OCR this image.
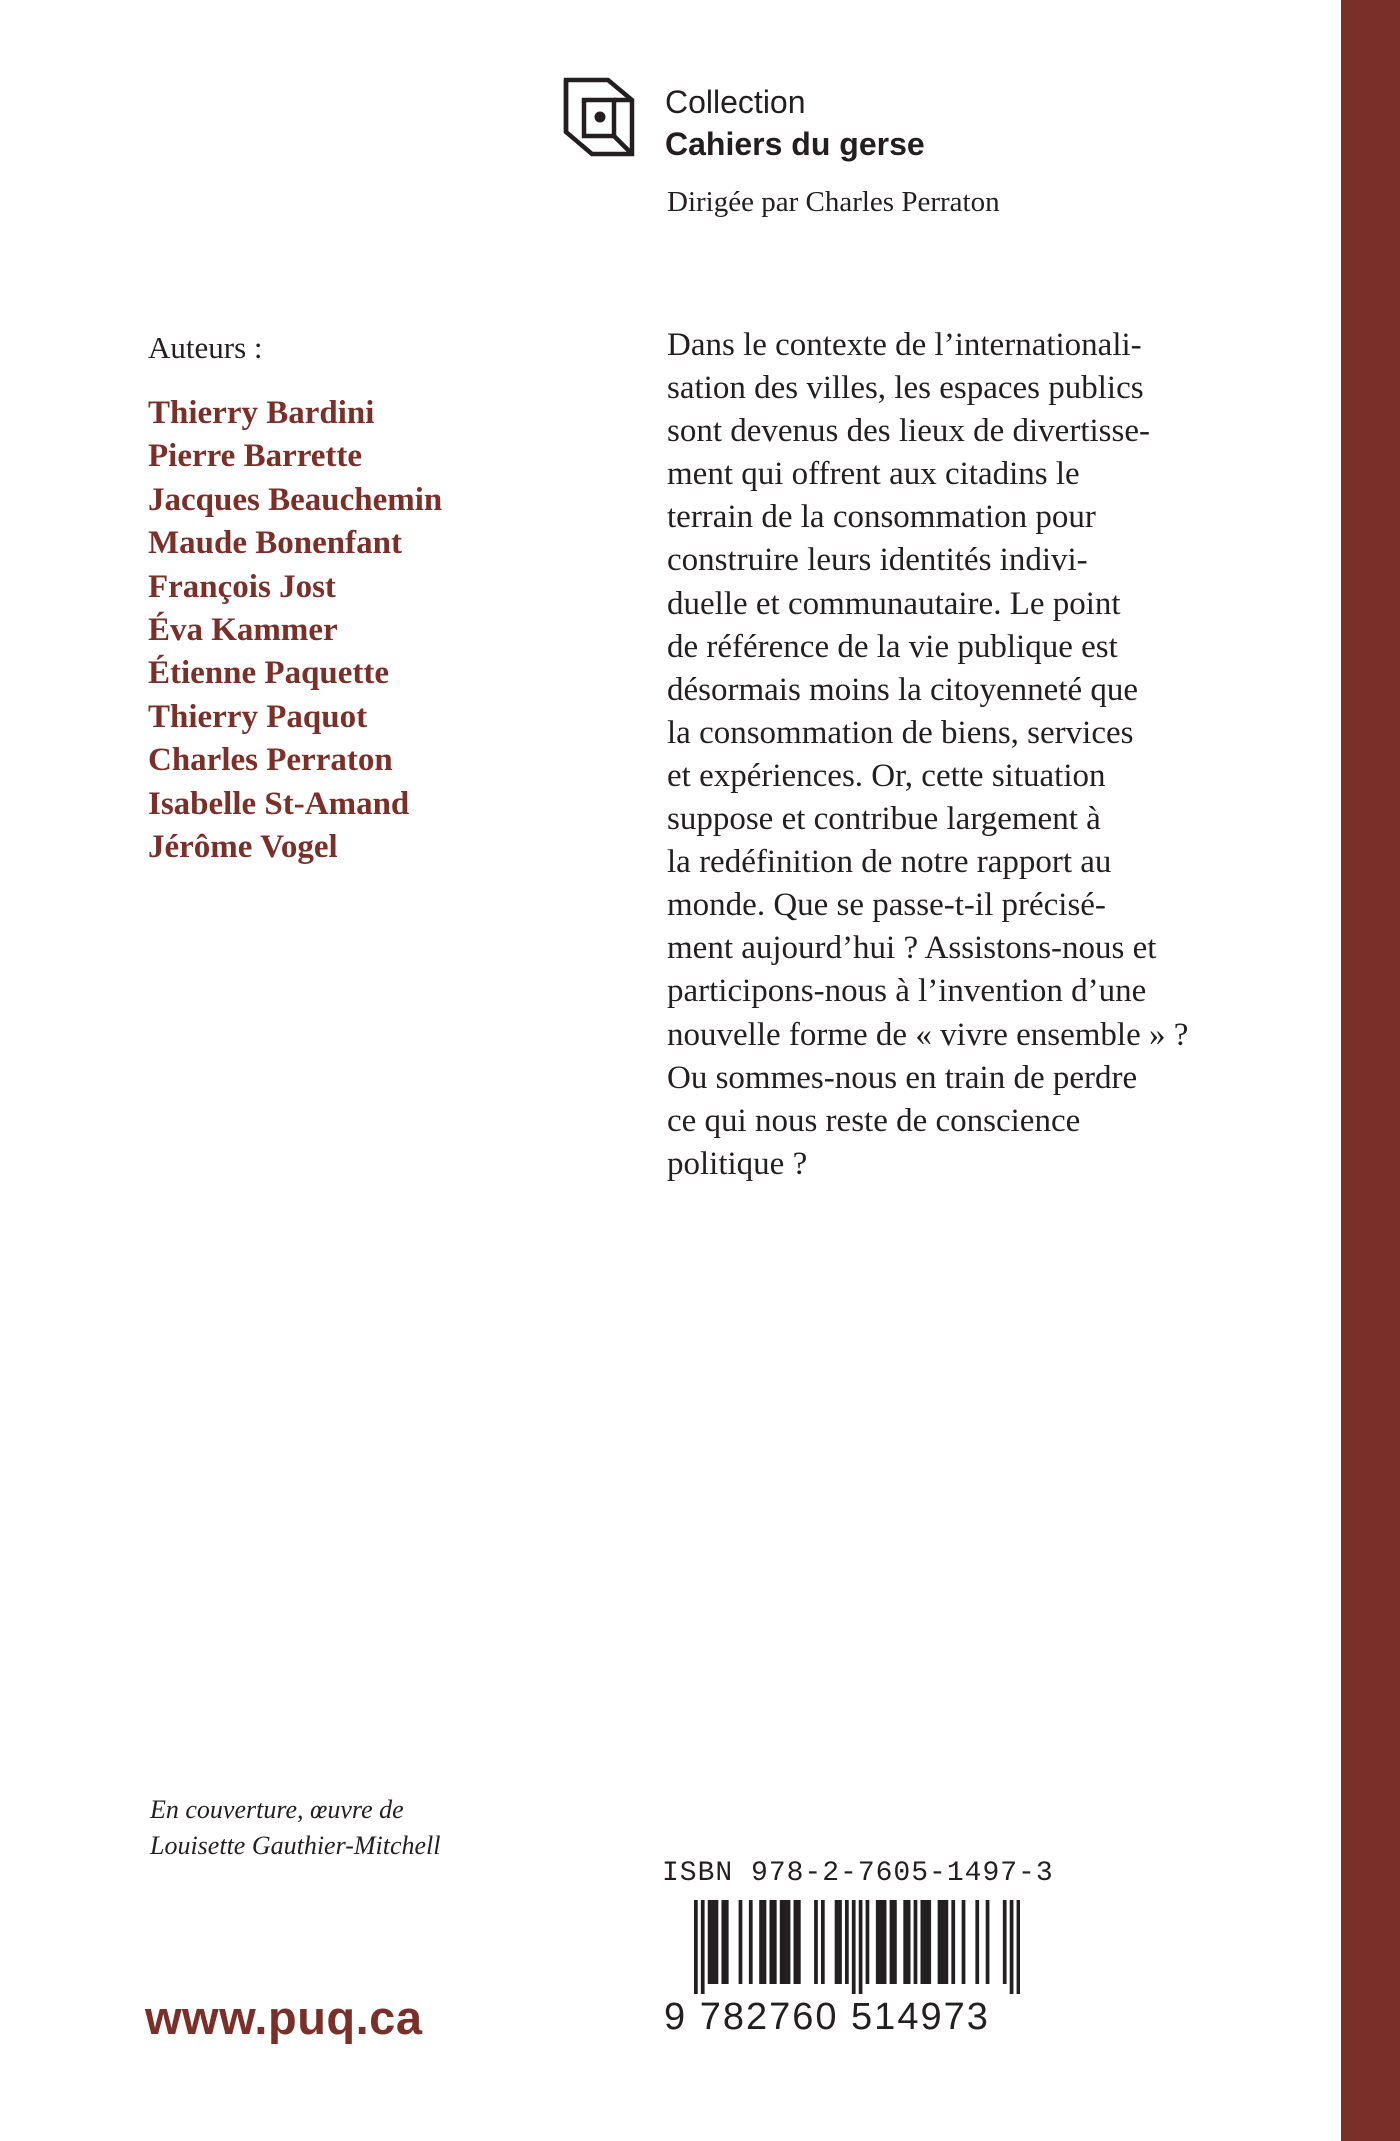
Collection
Cahiers du gerse
Dirigée par Charles Perraton
Auteurs :
Thierry Bardini
Pierre Barrette
Jacques Beauchemin
Maude Bonenfant
François Jost
Éva Kammer
Étienne Paquette
Thierry Paquot
Charles Perraton
Isabelle St-Amand
Jérôme Vogel
Dans le contexte de l’internationali-
sation des villes, les espaces publics
sont devenus des lieux de divertisse-
ment qui offrent aux citadins le
terrain de la consommation pour
construire leurs identités indivi-
duelle et communautaire. Le point
de référence de la vie publique est
désormais moins la citoyenneté que
la consommation de biens, services
et expériences. Or, cette situation
suppose et contribue largement à
la redéfinition de notre rapport au
monde. Que se passe-t-il précisé-
ment aujourd’hui ? Assistons-nous et
participons-nous à l’invention d’une
nouvelle forme de « vivre ensemble » ?
Ou sommes-nous en train de perdre
ce qui nous reste de conscience
politique ?
En couverture, œuvre de
Louisette Gauthier-Mitchell
www.puq.ca
ISBN 978-2-7605-1497-3
9 782760 514973
